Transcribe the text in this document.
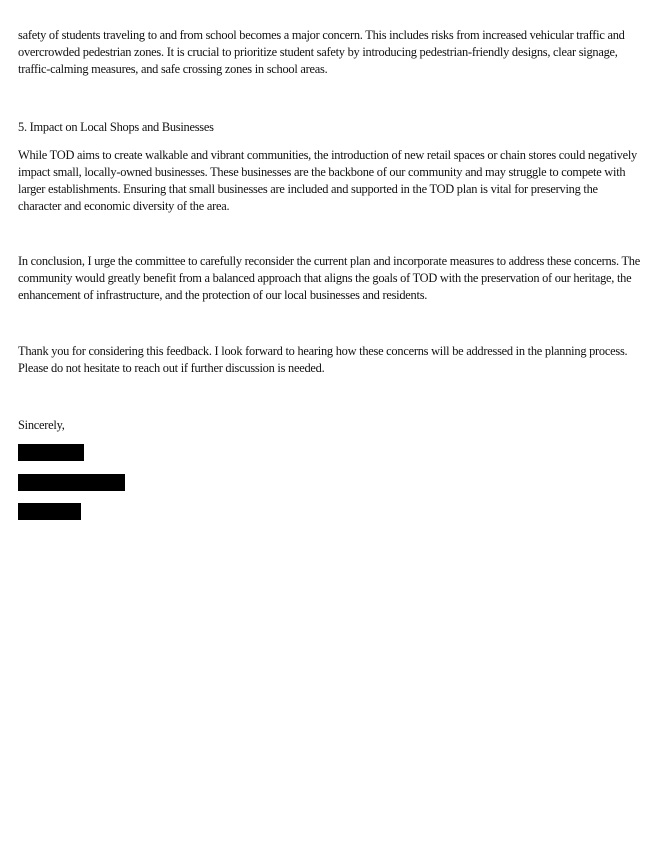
safety of students traveling to and from school becomes a major concern. This includes risks from increased vehicular traffic and overcrowded pedestrian zones. It is crucial to prioritize student safety by introducing pedestrian-friendly designs, clear signage, traffic-calming measures, and safe crossing zones in school areas.

5. Impact on Local Shops and Businesses

While TOD aims to create walkable and vibrant communities, the introduction of new retail spaces or chain stores could negatively impact small, locally-owned businesses. These businesses are the backbone of our community and may struggle to compete with larger establishments. Ensuring that small businesses are included and supported in the TOD plan is vital for preserving the character and economic diversity of the area.

In conclusion, I urge the committee to carefully reconsider the current plan and incorporate measures to address these concerns. The community would greatly benefit from a balanced approach that aligns the goals of TOD with the preservation of our heritage, the enhancement of infrastructure, and the protection of our local businesses and residents.

Thank you for considering this feedback. I look forward to hearing how these concerns will be addressed in the planning process. Please do not hesitate to reach out if further discussion is needed.

Sincerely,
